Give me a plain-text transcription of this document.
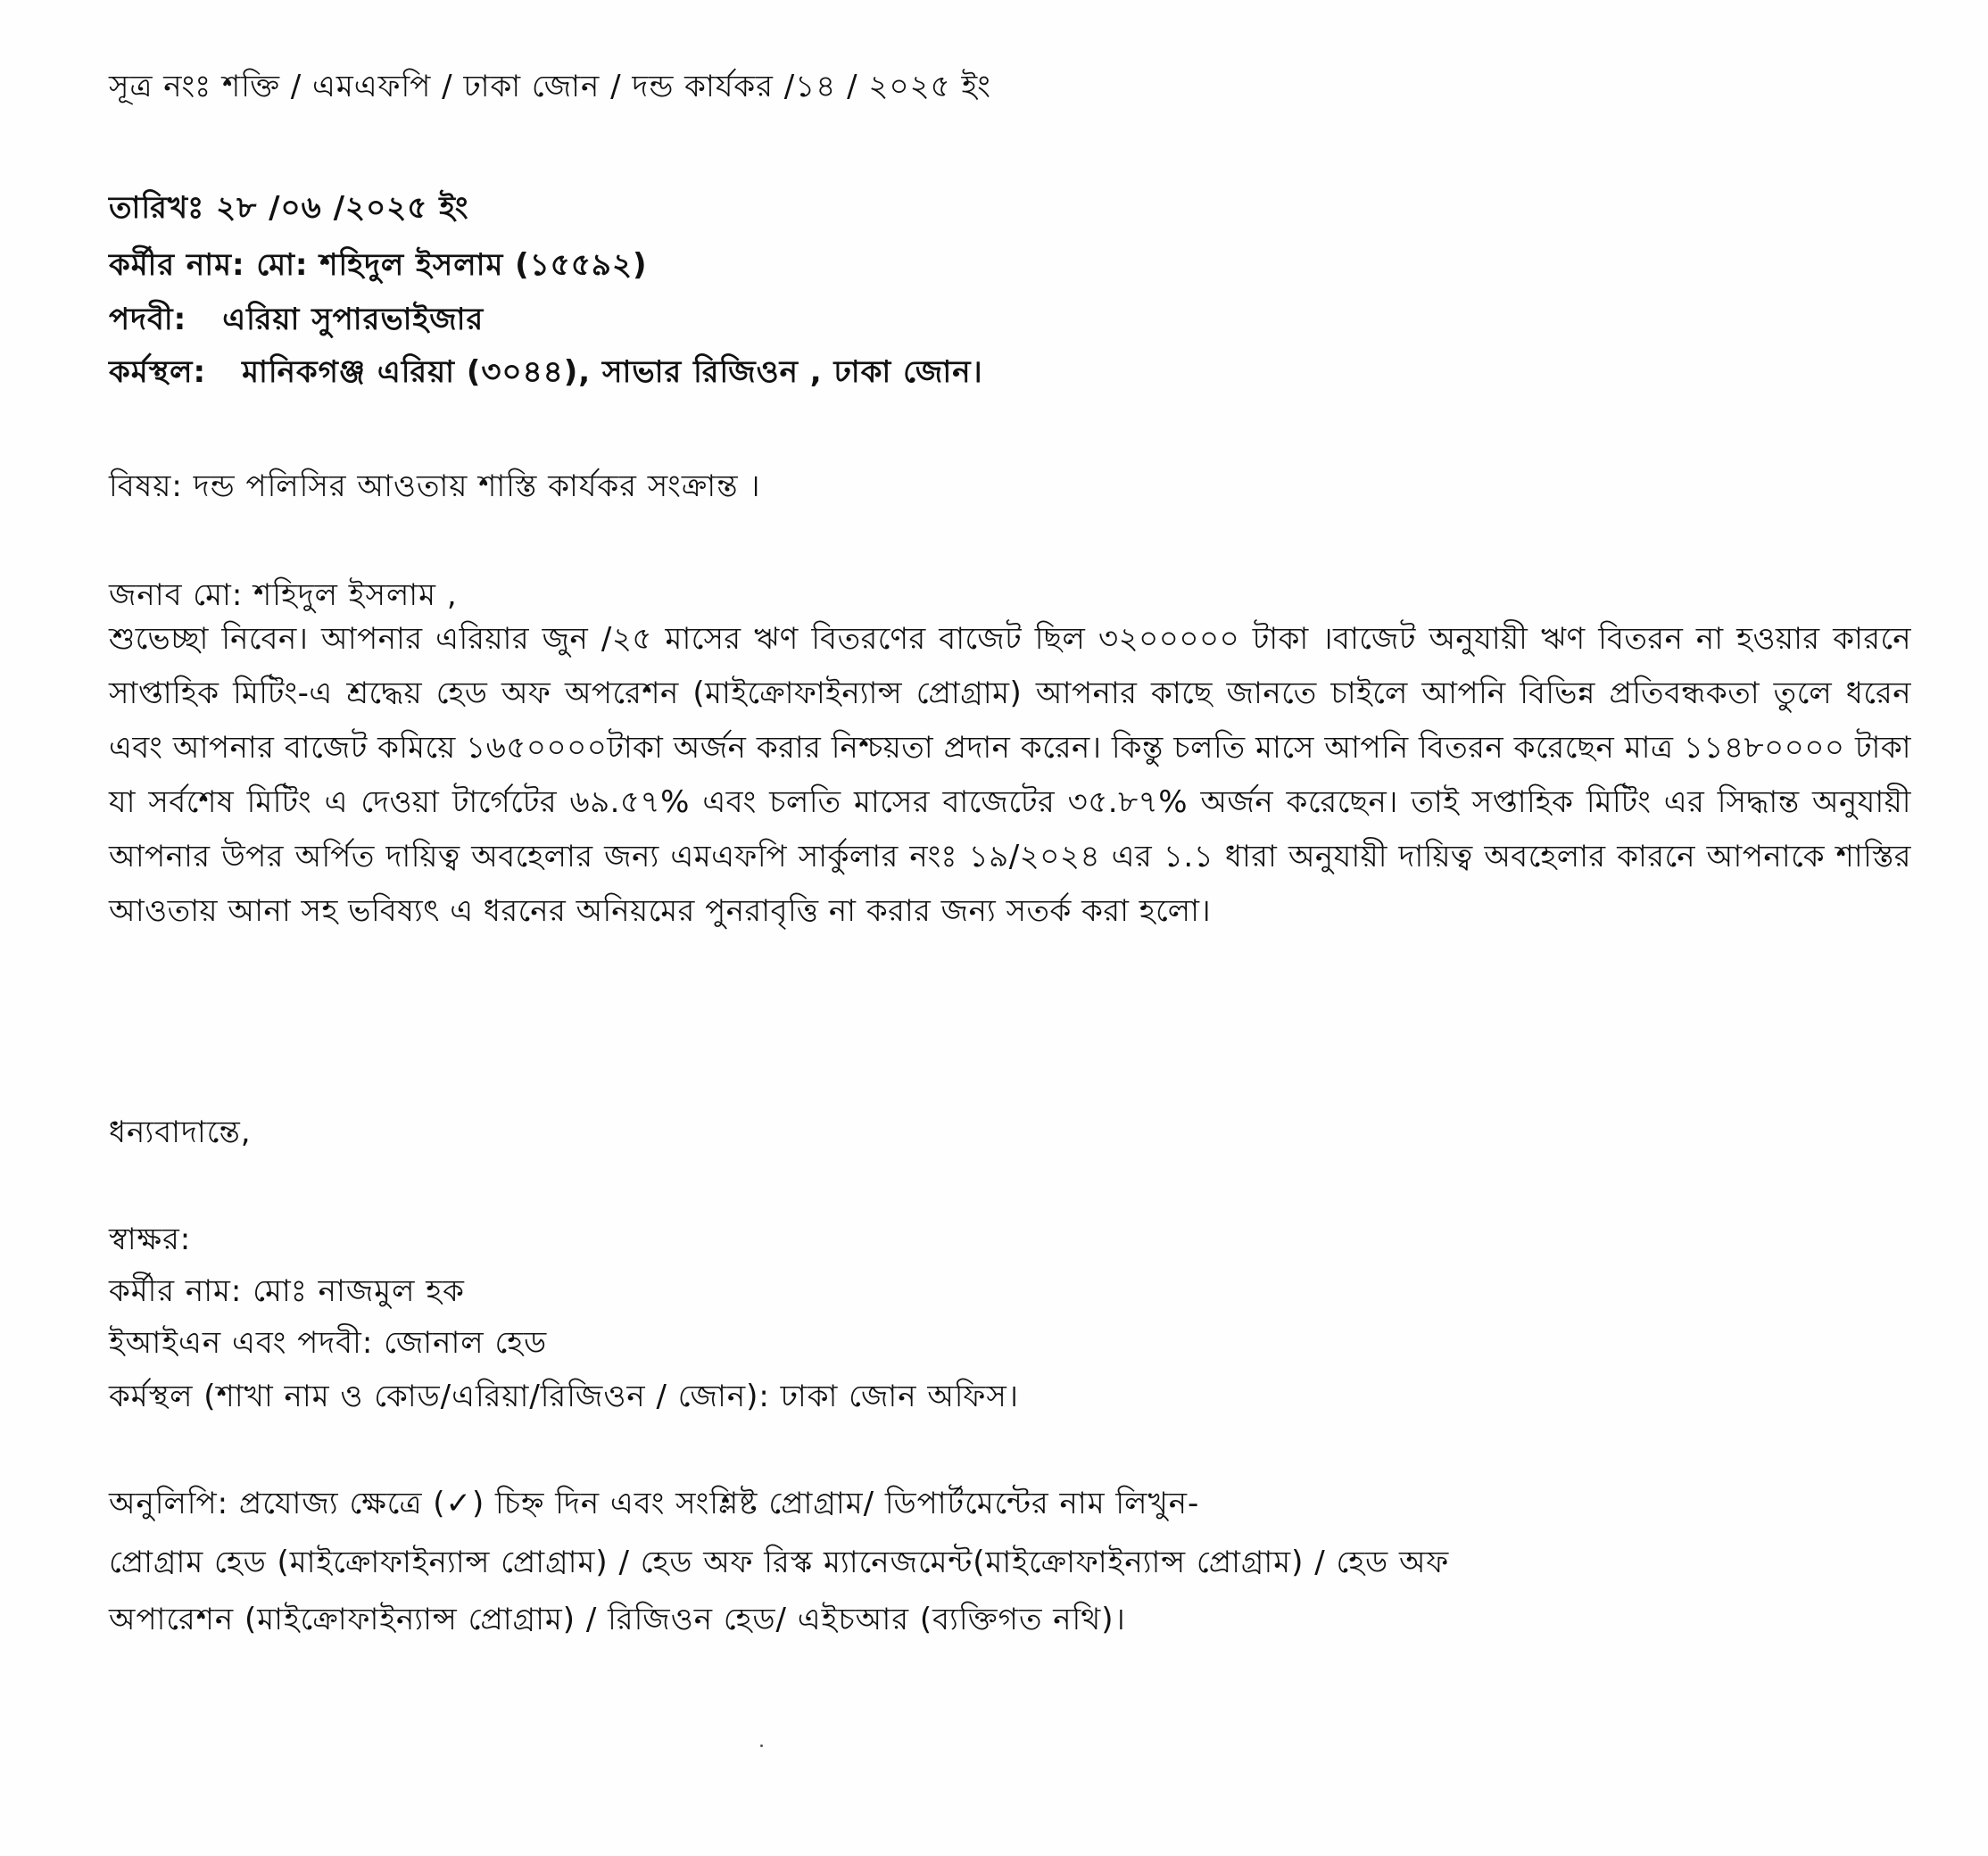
সূত্র নংঃ শক্তি / এমএফপি / ঢাকা জোন / দন্ড কার্যকর /১৪ / ২০২৫ ইং
তারিখঃ ২৮ /০৬ /২০২৫ ইং
কর্মীর নাম: মো: শহিদুল ইসলাম (১৫৫৯২)
পদবী: এরিয়া সুপারভাইজার
কর্মস্থল: মানিকগঞ্জ এরিয়া (৩০৪৪), সাভার রিজিওন , ঢাকা জোন।
বিষয়: দন্ড পলিসির আওতায় শাস্তি কার্যকর সংক্রান্ত ।
জনাব মো: শহিদুল ইসলাম ,
শুভেচ্ছা নিবেন। আপনার এরিয়ার জুন /২৫ মাসের ঋণ বিতরণের বাজেট ছিল ৩২০০০০০ টাকা ।বাজেট অনুযায়ী ঋণ বিতরন না হওয়ার কারনে সাপ্তাহিক মিটিং-এ শ্রদ্ধেয় হেড অফ অপরেশন (মাইক্রোফাইন্যান্স প্রোগ্রাম) আপনার কাছে জানতে চাইলে আপনি বিভিন্ন প্রতিবন্ধকতা তুলে ধরেন এবং আপনার বাজেট কমিয়ে ১৬৫০০০০টাকা অর্জন করার নিশ্চয়তা প্রদান করেন। কিন্তু চলতি মাসে আপনি বিতরন করেছেন মাত্র ১১৪৮০০০০ টাকা যা সর্বশেষ মিটিং এ দেওয়া টার্গেটের ৬৯.৫৭% এবং চলতি মাসের বাজেটের ৩৫.৮৭% অর্জন করেছেন। তাই সপ্তাহিক মিটিং এর সিদ্ধান্ত অনুযায়ী আপনার উপর অর্পিত দায়িত্ব অবহেলার জন্য এমএফপি সার্কুলার নংঃ ১৯/২০২৪ এর ১.১ ধারা অনুযায়ী দায়িত্ব অবহেলার কারনে আপনাকে শাস্তির আওতায় আনা সহ ভবিষ্যৎ এ ধরনের অনিয়মের পুনরাবৃত্তি না করার জন্য সতর্ক করা হলো।
ধন্যবাদান্তে,
স্বাক্ষর:
কর্মীর নাম: মোঃ নাজমুল হক
ইআইএন এবং পদবী: জোনাল হেড
কর্মস্থল (শাখা নাম ও কোড/এরিয়া/রিজিওন / জোন): ঢাকা জোন অফিস।
অনুলিপি: প্রযোজ্য ক্ষেত্রে (✓) চিহ্ন দিন এবং সংশ্লিষ্ট প্রোগ্রাম/ ডিপার্টমেন্টের নাম লিখুন-
প্রোগ্রাম হেড (মাইক্রোফাইন্যান্স প্রোগ্রাম) / হেড অফ রিস্ক ম্যানেজমেন্ট(মাইক্রোফাইন্যান্স প্রোগ্রাম) / হেড অফ
অপারেশন (মাইক্রোফাইন্যান্স প্রোগ্রাম) / রিজিওন হেড/ এইচআর (ব্যক্তিগত নথি)।
